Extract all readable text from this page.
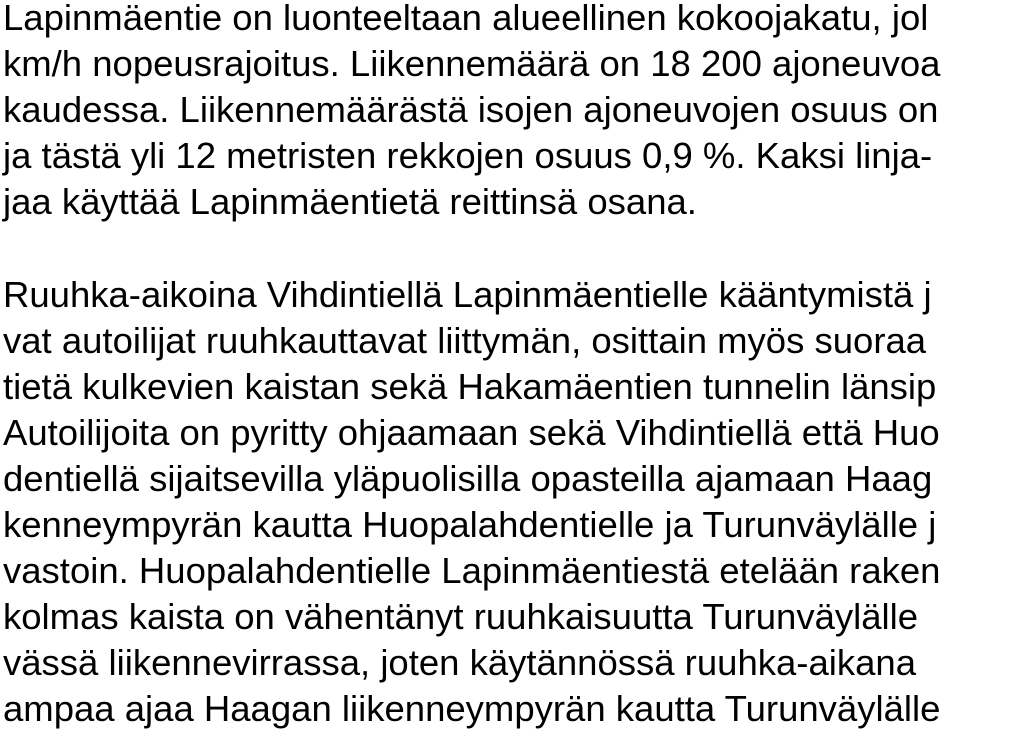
Lapinmäentie on luonteeltaan alueellinen kokoojakatu, jol

km/h nopeusrajoitus. Liikennemäärä on 18 200 ajoneuvoa

kaudessa. Liikennemäärästä isojen ajoneuvojen osuus on

ja tästä yli 12 metristen rekkojen osuus 0,9 %. Kaksi linja-

jaa käyttää Lapinmäentietä reittinsä osana.

Ruuhka-aikoina Vihdintiellä Lapinmäentielle kääntymistä j

vat autoilijat ruuhkauttavat liittymän, osittain myös suoraa

tietä kulkevien kaistan sekä Hakamäentien tunnelin länsip

Autoilijoita on pyritty ohjaamaan sekä Vihdintiellä että Huo

dentiellä sijaitsevilla yläpuolisilla opasteilla ajamaan Haag

kenneympyrän kautta Huopalahdentielle ja Turunväylälle j

vastoin. Huopalahdentielle Lapinmäentiestä etelään raken

kolmas kaista on vähentänyt ruuhkaisuutta Turunväylälle

vässä liikennevirrassa, joten käytännössä ruuhka-aikana

ampaa ajaa Haagan liikenneympyrän kautta Turunväylälle
